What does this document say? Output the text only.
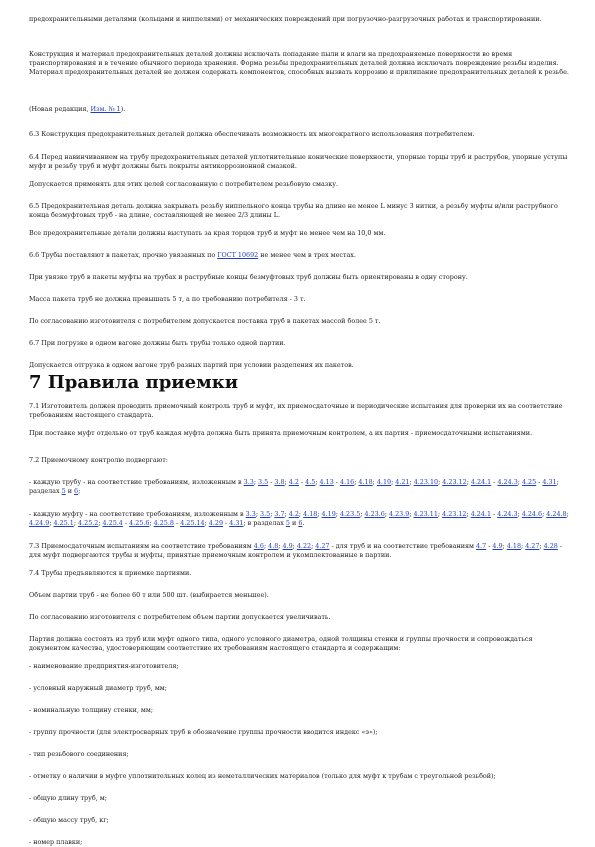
предохранительными деталями (кольцами и ниппелями) от механических повреждений при погрузочно-разгрузочных работах и транспортировании.

Конструкция и материал предохранительных деталей должны исключать попадание пыли и влаги на предохраняемые поверхности во время транспортирования и в течение обычного периода хранения. Форма резьбы предохранительных деталей должна исключать повреждение резьбы изделия. Материал предохранительных деталей не должен содержать компонентов, способных вызвать коррозию и прилипание предохранительных деталей к резьбе.

(Новая редакция, Изм. № 1).

6.3 Конструкция предохранительных деталей должна обеспечивать возможность их многократного использования потребителем.

6.4 Перед навинчиванием на трубу предохранительных деталей уплотнительные конические поверхности, упорные торцы труб и раструбов, упорные уступы муфт и резьбу труб и муфт должны быть покрыты антикоррозионной смазкой.

Допускается применять для этих целей согласованную с потребителем резьбовую смазку.

6.5 Предохранительная деталь должна закрывать резьбу ниппельного конца трубы на длине не менее L минус 3 нитки, а резьбу муфты и/или раструбного конца безмуфтовых труб - на длине, составляющей не менее 2/3 длины L.

Все предохранительные детали должны выступать за края торцов труб и муфт не менее чем на 10,0 мм.

6.6 Трубы поставляют в пакетах, прочно увязанных по ГОСТ 10692 не менее чем в трех местах.

При увязке труб в пакеты муфты на трубах и раструбные концы безмуфтовых труб должны быть ориентированы в одну сторону.

Масса пакета труб не должна превышать 5 т, а по требованию потребителя - 3 т.

По согласованию изготовителя с потребителем допускается поставка труб в пакетах массой более 5 т.

6.7 При погрузке в одном вагоне должны быть трубы только одной партии.

Допускается отгрузка в одном вагоне труб разных партий при условии разделения их пакетов.

7 Правила приемки

7.1 Изготовитель должен проводить приемочный контроль труб и муфт, их приемосдаточные и периодические испытания для проверки их на соответствие требованиям настоящего стандарта.

При поставке муфт отдельно от труб каждая муфта должна быть принята приемочным контролем, а их партия - приемосдаточными испытаниями.

7.2 Приемочному контролю подвергают:

- каждую трубу - на соответствие требованиям, изложенным в 3.3; 3.5 - 3.8; 4.2 - 4.5; 4.13 - 4.16; 4.18; 4.19; 4.21; 4.23.10; 4.23.12; 4.24.1 - 4.24.3; 4.25 - 4.31; разделах 5 и 6;

- каждую муфту - на соответствие требованиям, изложенным в 3.3; 3.5; 3.7; 4.2; 4.18; 4.19; 4.23.5; 4.23.6; 4.23.9; 4.23.11; 4.23.12; 4.24.1 - 4.24.3; 4.24.6; 4.24.8; 4.24.9; 4.25.1; 4.25.2; 4.25.4 - 4.25.6; 4.25.8 - 4.25.14; 4.29 - 4.31; в разделах 5 и 6.

7.3 Приемосдаточным испытаниям на соответствие требованиям 4.6; 4.8; 4.9; 4.22; 4.27 - для труб и на соответствие требованиям 4.7 - 4.9; 4.18; 4.27; 4.28 - для муфт подвергаются трубы и муфты, принятые приемочным контролем и укомплектованные в партии.

7.4 Трубы предъявляются к приемке партиями.

Объем партии труб - не более 60 т или 500 шт. (выбирается меньшее).

По согласованию изготовителя с потребителем объем партии допускается увеличивать.

Партия должна состоять из труб или муфт одного типа, одного условного диаметра, одной толщины стенки и группы прочности и сопровождаться документом качества, удостоверяющим соответствие их требованиям настоящего стандарта и содержащим:

- наименование предприятия-изготовителя;

- условный наружный диаметр труб, мм;

- номинальную толщину стенки, мм;

- группу прочности (для электросварных труб в обозначение группы прочности вводится индекс «э»);

- тип резьбового соединения;

- отметку о наличии в муфте уплотнительных колец из неметаллических материалов (только для муфт к трубам с треугольной резьбой);

- общую длину труб, м;

- общую массу труб, кг;

- номер плавки;
